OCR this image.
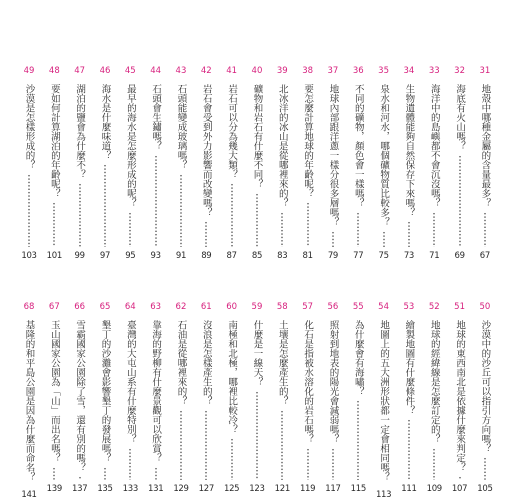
31
地殼中哪種金屬的含量最多？
67
32
海底有火山嗎？
69
33
海洋中的島嶼都不會沉沒嗎？
71
34
生物遺體能夠自然保存下來嗎？
73
35
泉水和河水，哪個礦物質比較多？
75
36
不同的礦物，顏色會一樣嗎？
77
37
地球內部跟洋蔥一樣分很多層嗎？
79
38
要怎麼計算地球的年齡呢？
81
39
北冰洋的冰山是從哪裡來的？
83
40
礦物和岩石有什麼不同？
85
41
岩石可以分為幾大類？
87
42
岩石會受到外力影響而改變嗎？
89
43
石頭能變成玻璃嗎？
91
44
石頭會生鏽嗎？
93
45
最早的海水是怎麼形成的呢？
95
46
海水是什麼味道？
97
47
湖泊的鹽會為什麼不？
99
48
要如何計算湖泊的年齡呢？
101
49
沙漠是怎樣形成的？
103
50
沙漠中的沙丘可以指引方向嗎？
105
51
地球的東西南北是依據什麼來判定？
107
52
地球的經緯線是怎麼訂定的？
109
53
繪製地圖有什麼條件？
111
54
地圖上的五大洲形狀都一定會相同嗎？
113
55
為什麼會有海嘯？
115
56
照射到地表的陽光會減弱嗎？
117
57
化石是指被水溶化的岩石嗎？
119
58
土壤是怎麼產生的？
121
59
什麼是一線天？
123
60
南極和北極，哪裡比較冷？
125
61
沒浪是怎樣產生的？
127
62
石油是從哪裡來的？
129
63
靠海的野柳有什麼景觀可以欣賞？
131
64
臺灣的大屯山系有什麼特別？
133
65
墾丁的沙灘會影響墾丁的發展嗎？
135
66
雪霸國家公園除了雪，還有別的嗎？
137
67
玉山國家公園為「山」而出名嗎？
139
68
基隆的和平島公園是因為什麼而命名？
141
